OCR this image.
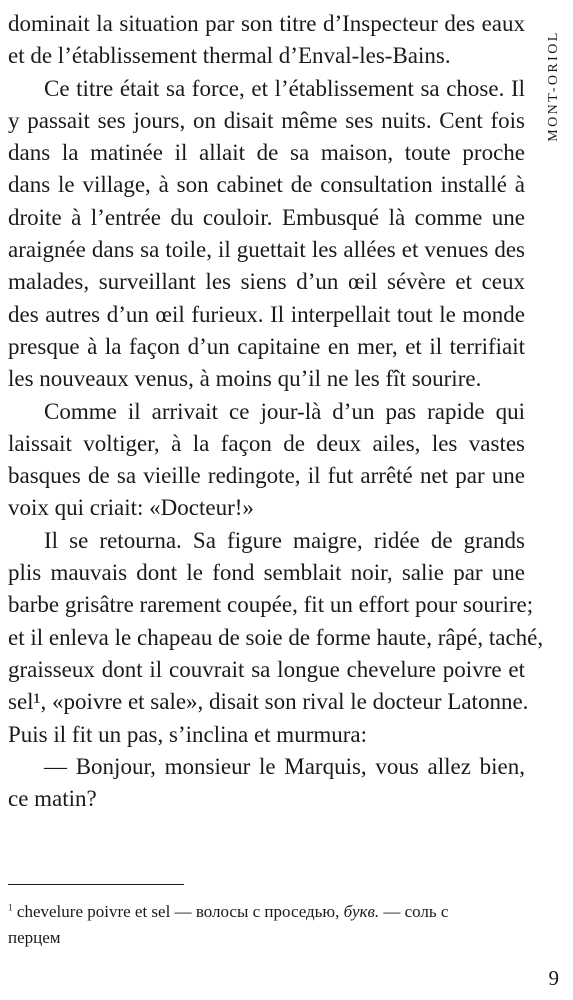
dominait la situation par son titre d’Inspecteur des eaux
et de l’établissement thermal d’Enval-les-Bains.
Ce titre était sa force, et l’établissement sa chose. Il
y passait ses jours, on disait même ses nuits. Cent fois
dans la matinée il allait de sa maison, toute proche
dans le village, à son cabinet de consultation installé à
droite à l’entrée du couloir. Embusqué là comme une
araignée dans sa toile, il guettait les allées et venues des
malades, surveillant les siens d’un œil sévère et ceux
des autres d’un œil furieux. Il interpellait tout le monde
presque à la façon d’un capitaine en mer, et il terrifiait
les nouveaux venus, à moins qu’il ne les fît sourire.
Comme il arrivait ce jour-là d’un pas rapide qui
laissait voltiger, à la façon de deux ailes, les vastes
basques de sa vieille redingote, il fut arrêté net par une
voix qui criait: «Docteur!»
Il se retourna. Sa figure maigre, ridée de grands
plis mauvais dont le fond semblait noir, salie par une
barbe grisâtre rarement coupée, fit un effort pour sourire;
et il enleva le chapeau de soie de forme haute, râpé, taché,
graisseux dont il couvrait sa longue chevelure poivre et
sel¹, «poivre et sale», disait son rival le docteur Latonne.
Puis il fit un pas, s’inclina et murmura:
— Bonjour, monsieur le Marquis, vous allez bien,
ce matin?
MONT-ORIOL
$^1$ chevelure poivre et sel — волосы с проседью, букв. — соль с
перцем
9
